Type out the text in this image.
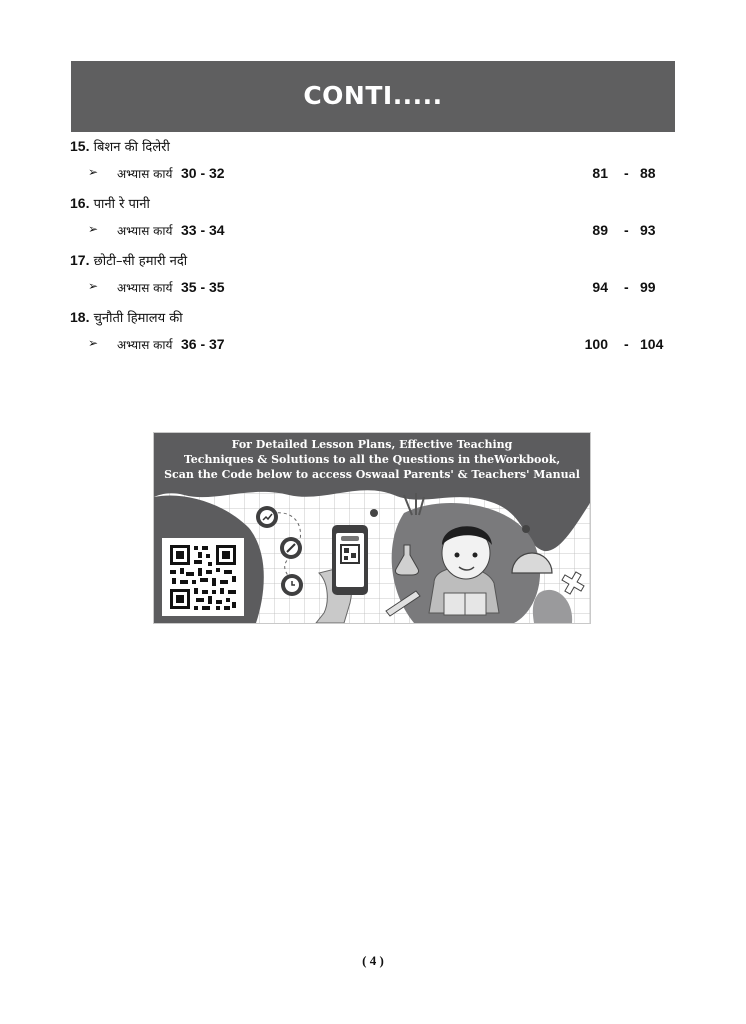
CONTI.....
15. बिशन की दिलेरी
➢ अभ्यास कार्य 30 - 32	81 - 88
16. पानी रे पानी
➢ अभ्यास कार्य 33 - 34	89 - 93
17. छोटी–सी हमारी नदी
➢ अभ्यास कार्य 35 - 35	94 - 99
18. चुनौती हिमालय की
➢ अभ्यास कार्य 36 - 37	100 - 104
For Detailed Lesson Plans, Effective Teaching
Techniques & Solutions to all the Questions in theWorkbook,
Scan the Code below to access Oswaal Parents' & Teachers' Manual
( 4 )
